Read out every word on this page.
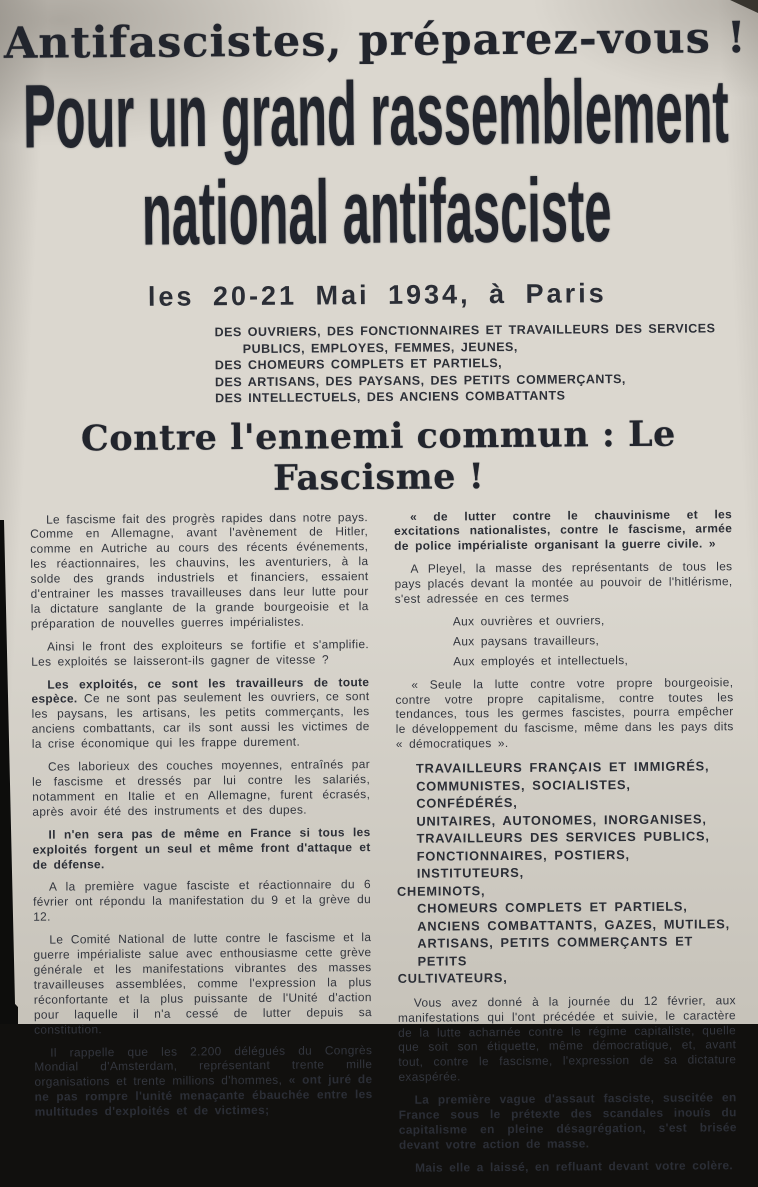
Antifascistes, préparez-vous !
Pour un grand rassemblement
national antifasciste
les 20-21 Mai 1934, à Paris
DES OUVRIERS, DES FONCTIONNAIRES ET TRAVAILLEURS DES SERVICES
PUBLICS, EMPLOYES, FEMMES, JEUNES,
DES CHOMEURS COMPLETS ET PARTIELS,
DES ARTISANS, DES PAYSANS, DES PETITS COMMERÇANTS,
DES INTELLECTUELS, DES ANCIENS COMBATTANTS
Contre l'ennemi commun : Le Fascisme !

Le fascisme fait des progrès rapides dans notre pays. Comme en Allemagne, avant l'avènement de Hitler, comme en Autriche au cours des récents événements, les réactionnaires, les chauvins, les aventuriers, à la solde des grands industriels et financiers, essaient d'entrainer les masses travailleuses dans leur lutte pour la dictature sanglante de la grande bourgeoisie et la préparation de nouvelles guerres impérialistes.

Ainsi le front des exploiteurs se fortifie et s'amplifie. Les exploités se laisseront-ils gagner de vitesse ?

Les exploités, ce sont les travailleurs de toute espèce. Ce ne sont pas seulement les ouvriers, ce sont les paysans, les artisans, les petits commerçants, les anciens combattants, car ils sont aussi les victimes de la crise économique qui les frappe durement.

Ces laborieux des couches moyennes, entraînés par le fascisme et dressés par lui contre les salariés, notamment en Italie et en Allemagne, furent écrasés, après avoir été des instruments et des dupes.

Il n'en sera pas de même en France si tous les exploités forgent un seul et même front d'attaque et de défense.

A la première vague fasciste et réactionnaire du 6 février ont répondu la manifestation du 9 et la grève du 12.

Le Comité National de lutte contre le fascisme et la guerre impérialiste salue avec enthousiasme cette grève générale et les manifestations vibrantes des masses travailleuses assemblées, comme l'expression la plus réconfortante et la plus puissante de l'Unité d'action pour laquelle il n'a cessé de lutter depuis sa constitution.

Il rappelle que les 2.200 délégués du Congrès Mondial d'Amsterdam, représentant trente mille organisations et trente millions d'hommes, « ont juré de ne pas rompre l'unité menaçante ébauchée entre les multitudes d'exploités et de victimes;

« de lutter contre le chauvinisme et les excitations nationalistes, contre le fascisme, armée de police impérialiste organisant la guerre civile. »

A Pleyel, la masse des représentants de tous les pays placés devant la montée au pouvoir de l'hitlérisme, s'est adressée en ces termes

Aux ouvrières et ouvriers,
Aux paysans travailleurs,
Aux employés et intellectuels,

« Seule la lutte contre votre propre bourgeoisie, contre votre propre capitalisme, contre toutes les tendances, tous les germes fascistes, pourra empêcher le développement du fascisme, même dans les pays dits « démocratiques ».

TRAVAILLEURS FRANÇAIS ET IMMIGRÉS,
COMMUNISTES, SOCIALISTES, CONFÉDÉRÉS,
UNITAIRES, AUTONOMES, INORGANISES,
TRAVAILLEURS DES SERVICES PUBLICS,
FONCTIONNAIRES, POSTIERS, INSTITUTEURS,
CHEMINOTS,
CHOMEURS COMPLETS ET PARTIELS,
ANCIENS COMBATTANTS, GAZES, MUTILES,
ARTISANS, PETITS COMMERÇANTS ET PETITS
CULTIVATEURS,

Vous avez donné à la journée du 12 février, aux manifestations qui l'ont précédée et suivie, le caractère de la lutte acharnée contre le régime capitaliste, quelle que soit son étiquette, même démocratique, et, avant tout, contre le fascisme, l'expression de sa dictature exaspérée.

La première vague d'assaut fasciste, suscitée en France sous le prétexte des scandales inouïs du capitalisme en pleine désagrégation, s'est brisée devant votre action de masse.

Mais elle a laissé, en refluant devant votre colère.
